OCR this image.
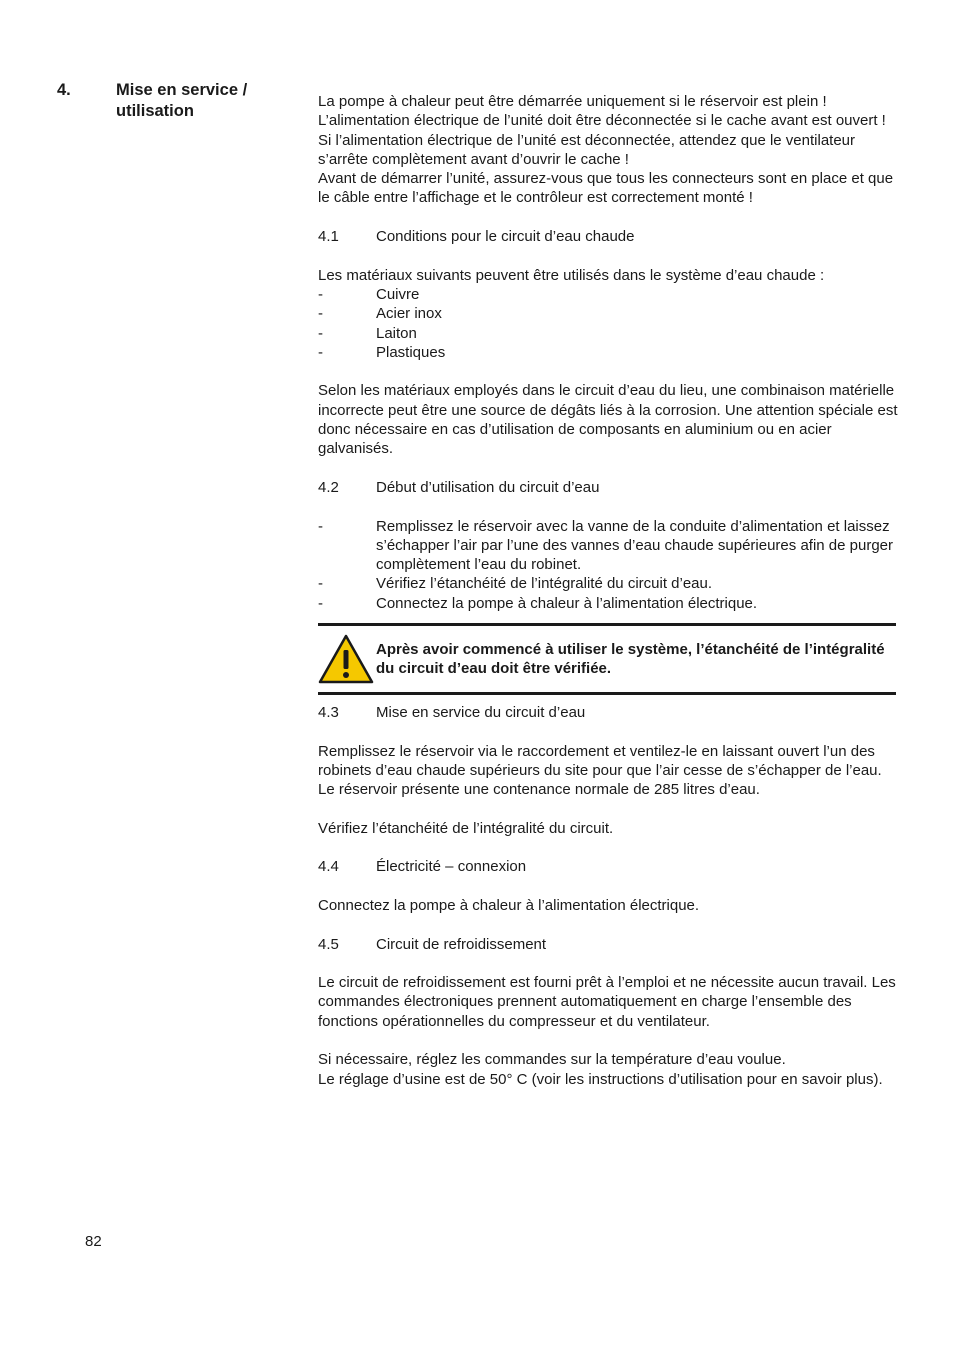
4.	Mise en service / utilisation

La pompe à chaleur peut être démarrée uniquement si le réservoir est plein !

L’alimentation électrique de l’unité doit être déconnectée si le cache avant est ouvert !

Si l’alimentation électrique de l’unité est déconnectée, attendez que le ventilateur s’arrête complètement avant d’ouvrir le cache !

Avant de démarrer l’unité, assurez-vous que tous les connecteurs sont en place et que le câble entre l’affichage et le contrôleur est correctement monté !

4.1	Conditions pour le circuit d’eau chaude

Les matériaux suivants peuvent être utilisés dans le système d’eau chaude :

-	Cuivre
-	Acier inox
-	Laiton
-	Plastiques

Selon les matériaux employés dans le circuit d’eau du lieu, une combinaison matérielle incorrecte peut être une source de dégâts liés à la corrosion. Une attention spéciale est donc nécessaire en cas d’utilisation de composants en aluminium ou en acier galvanisés.

4.2	Début d’utilisation du circuit d’eau
-	Remplissez le réservoir avec la vanne de la conduite d’alimentation et laissez s’échapper l’air par l’une des vannes d’eau chaude supérieures afin de purger complètement l’eau du robinet.
-	Vérifiez l’étanchéité de l’intégralité du circuit d’eau.
-	Connectez la pompe à chaleur à l’alimentation électrique.
Après avoir commencé à utiliser le système, l’étanchéité de l’intégralité du circuit d’eau doit être vérifiée.
4.3	Mise en service du circuit d’eau

Remplissez le réservoir via le raccordement et ventilez-le en laissant ouvert l’un des robinets d’eau chaude supérieurs du site pour que l’air cesse de s’échapper de l’eau. Le réservoir présente une contenance normale de 285 litres d’eau.

Vérifiez l’étanchéité de l’intégralité du circuit.

4.4	Électricité – connexion

Connectez la pompe à chaleur à l’alimentation électrique.

4.5	Circuit de refroidissement

Le circuit de refroidissement est fourni prêt à l’emploi et ne nécessite aucun travail. Les commandes électroniques prennent automatiquement en charge l’ensemble des fonctions opérationnelles du compresseur et du ventilateur.

Si nécessaire, réglez les commandes sur la température d’eau voulue.

Le réglage d’usine est de 50° C (voir les instructions d’utilisation pour en savoir plus).

82
